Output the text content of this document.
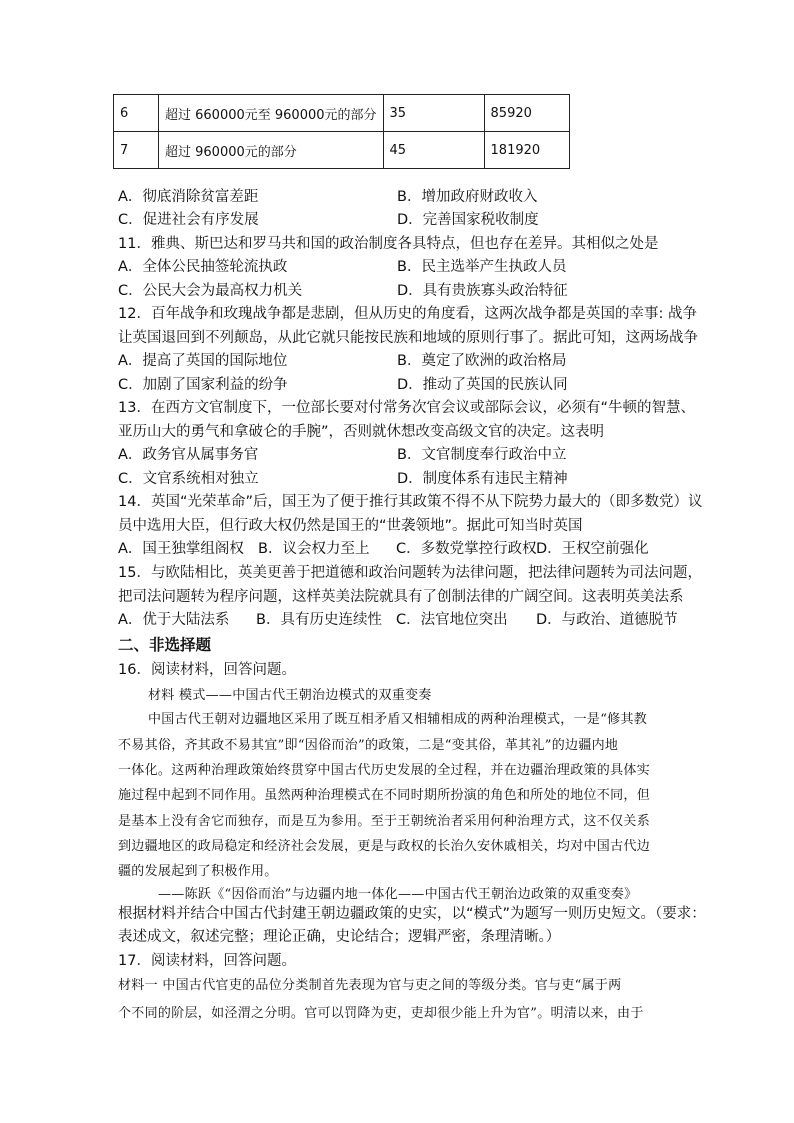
6	超过 660000元至 960000元的部分	35	85920
7	超过 960000元的部分	45	181920
A．彻底消除贫富差距	B．增加政府财政收入
C．促进社会有序发展	D．完善国家税收制度
11．雅典、斯巴达和罗马共和国的政治制度各具特点，但也存在差异。其相似之处是
A．全体公民抽签轮流执政	B．民主选举产生执政人员
C．公民大会为最高权力机关	D．具有贵族寡头政治特征
12．百年战争和玫瑰战争都是悲剧，但从历史的角度看，这两次战争都是英国的幸事: 战争
让英国退回到不列颠岛，从此它就只能按民族和地域的原则行事了。据此可知，这两场战争
A．提高了英国的国际地位	B．奠定了欧洲的政治格局
C．加剧了国家利益的纷争	D．推动了英国的民族认同
13．在西方文官制度下，一位部长要对付常务次官会议或部际会议，必须有“牛顿的智慧、
亚历山大的勇气和拿破仑的手腕”，否则就休想改变高级文官的决定。这表明
A．政务官从属事务官	B．文官制度奉行政治中立
C．文官系统相对独立	D．制度体系有违民主精神
14．英国“光荣革命”后，国王为了便于推行其政策不得不从下院势力最大的（即多数党）议
员中选用大臣，但行政大权仍然是国王的“世袭领地”。据此可知当时英国
A．国王独掌组阁权 B．议会权力至上 C．多数党掌控行政权D．王权空前强化
15．与欧陆相比，英美更善于把道德和政治问题转为法律问题，把法律问题转为司法问题，
把司法问题转为程序问题，这样英美法院就具有了创制法律的广阔空间。这表明英美法系
A．优于大陆法系 B．具有历史连续性 C．法官地位突出 D．与政治、道德脱节
二、非选择题
16．阅读材料，回答问题。
材料 模式——中国古代王朝治边模式的双重变奏
中国古代王朝对边疆地区采用了既互相矛盾又相辅相成的两种治理模式，一是“修其教
不易其俗，齐其政不易其宜”即“因俗而治”的政策，二是“变其俗，革其礼”的边疆内地
一体化。这两种治理政策始终贯穿中国古代历史发展的全过程，并在边疆治理政策的具体实
施过程中起到不同作用。虽然两种治理模式在不同时期所扮演的角色和所处的地位不同，但
是基本上没有舍它而独存，而是互为参用。至于王朝统治者采用何种治理方式，这不仅关系
到边疆地区的政局稳定和经济社会发展，更是与政权的长治久安休戚相关，均对中国古代边
疆的发展起到了积极作用。
——陈跃《“因俗而治”与边疆内地一体化——中国古代王朝治边政策的双重变奏》
根据材料并结合中国古代封建王朝边疆政策的史实，以“模式”为题写一则历史短文。（要求：
表述成文，叙述完整；理论正确，史论结合；逻辑严密，条理清晰。）
17．阅读材料，回答问题。
材料一 中国古代官吏的品位分类制首先表现为官与吏之间的等级分类。官与吏“属于两
个不同的阶层，如泾渭之分明。官可以罚降为吏，吏却很少能上升为官”。明清以来，由于
